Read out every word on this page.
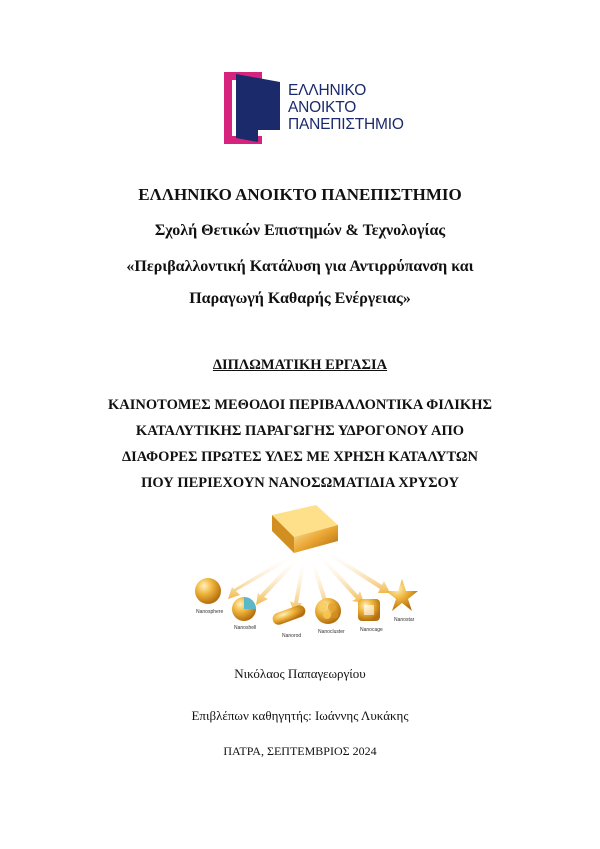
ΕΛΛΗΝΙΚΟ
ΑΝΟΙΚΤΟ
ΠΑΝΕΠΙΣΤΗΜΙΟ
ΕΛΛΗΝΙΚΟ ΑΝΟΙΚΤΟ ΠΑΝΕΠΙΣΤΗΜΙΟ
Σχολή Θετικών Επιστημών & Τεχνολογίας
«Περιβαλλοντική Κατάλυση για Αντιρρύπανση και
Παραγωγή Καθαρής Ενέργειας»
ΔΙΠΛΩΜΑΤΙΚΗ ΕΡΓΑΣΙΑ
ΚΑΙΝΟΤΟΜΕΣ ΜΕΘΟΔΟΙ ΠΕΡΙΒΑΛΛΟΝΤΙΚΑ ΦΙΛΙΚΗΣ
ΚΑΤΑΛΥΤΙΚΗΣ ΠΑΡΑΓΩΓΗΣ ΥΔΡΟΓΟΝΟΥ ΑΠΟ
ΔΙΑΦΟΡΕΣ ΠΡΩΤΕΣ ΥΛΕΣ ΜΕ ΧΡΗΣΗ ΚΑΤΑΛΥΤΩΝ
ΠΟΥ ΠΕΡΙΕΧΟΥΝ ΝΑΝΟΣΩΜΑΤΙΔΙΑ ΧΡΥΣΟΥ
Nanosphere
Nanoshell
Nanorod
Nanocluster	Nanocage
Nanostar
Νικόλαος Παπαγεωργίου
Επιβλέπων καθηγητής: Ιωάννης Λυκάκης
ΠΑΤΡΑ, ΣΕΠΤΕΜΒΡΙΟΣ 2024
